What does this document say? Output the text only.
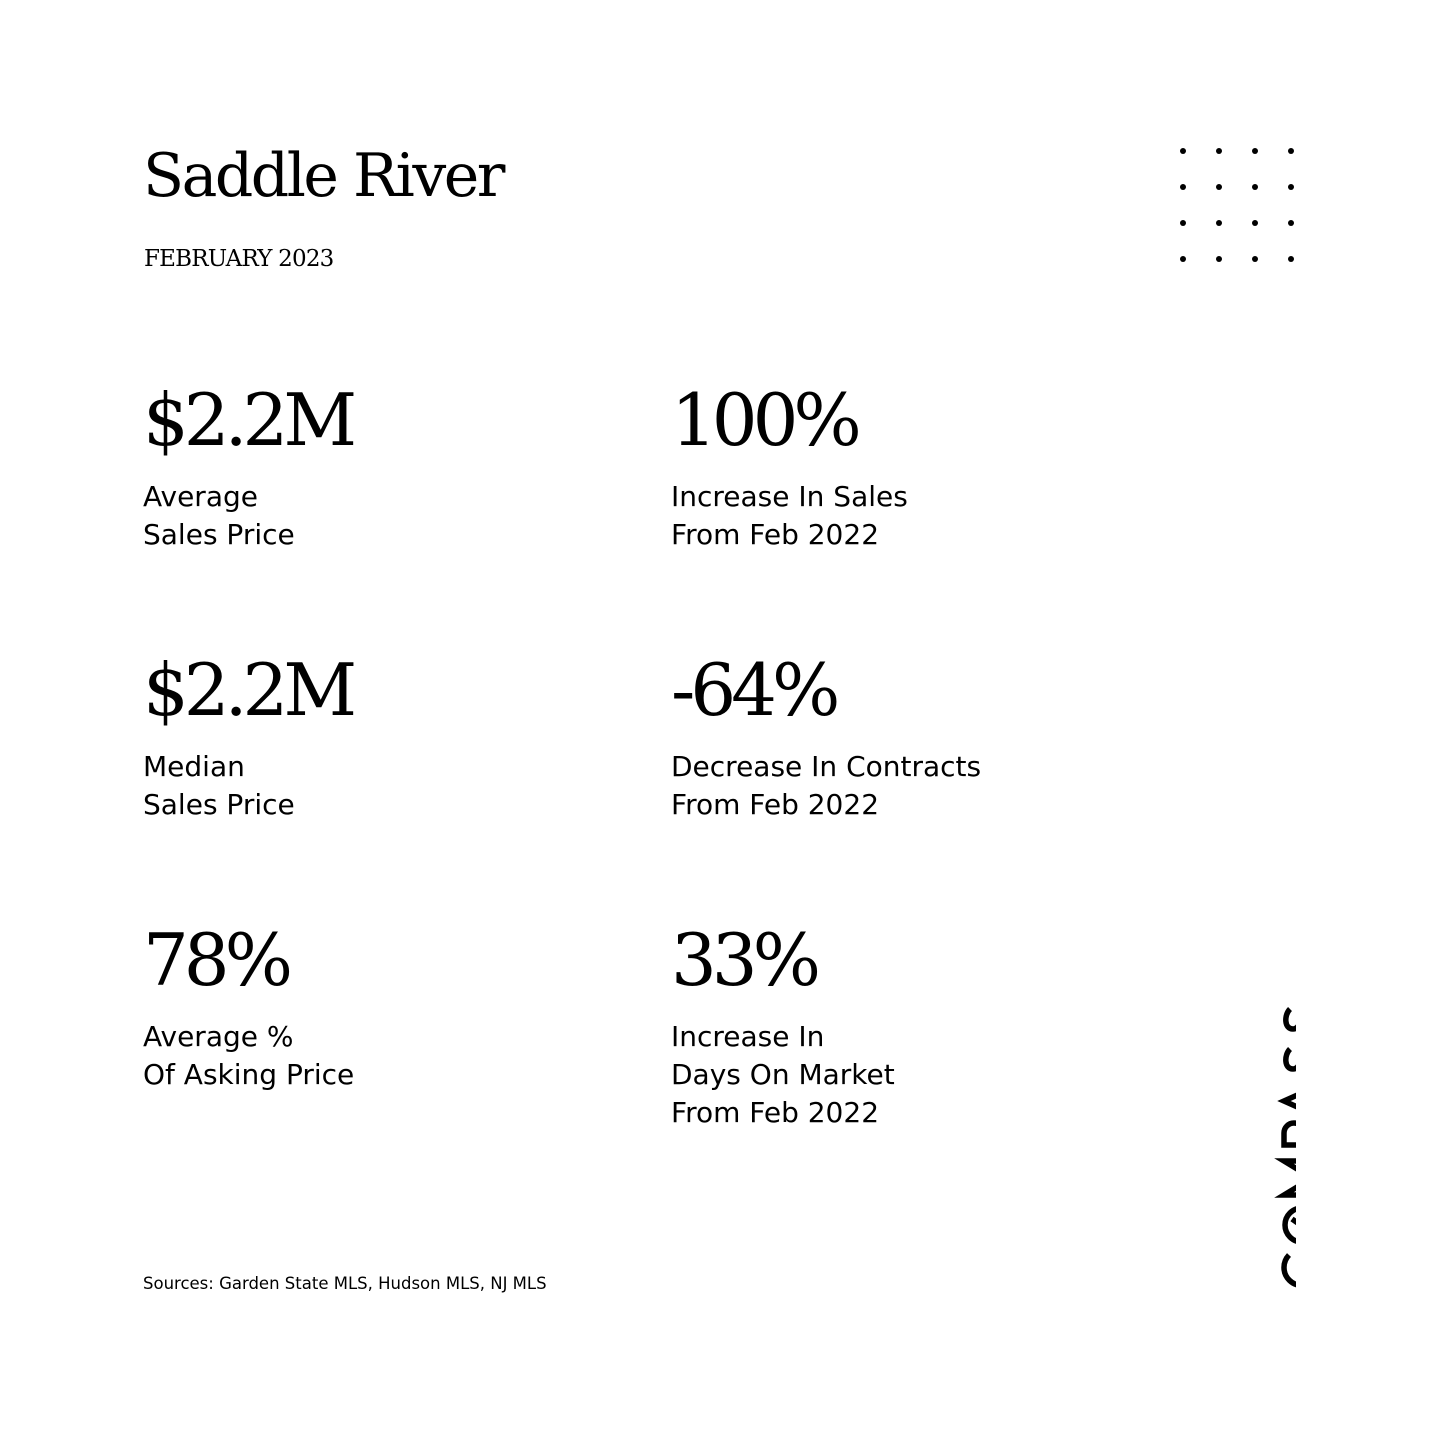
Saddle River
FEBRUARY 2023
$2.2M
Average
Sales Price
100%
Increase In Sales
From Feb 2022
$2.2M
Median
Sales Price
-64%
Decrease In Contracts
From Feb 2022
78%
Average %
Of Asking Price
33%
Increase In
Days On Market
From Feb 2022
Sources: Garden State MLS, Hudson MLS, NJ MLS
